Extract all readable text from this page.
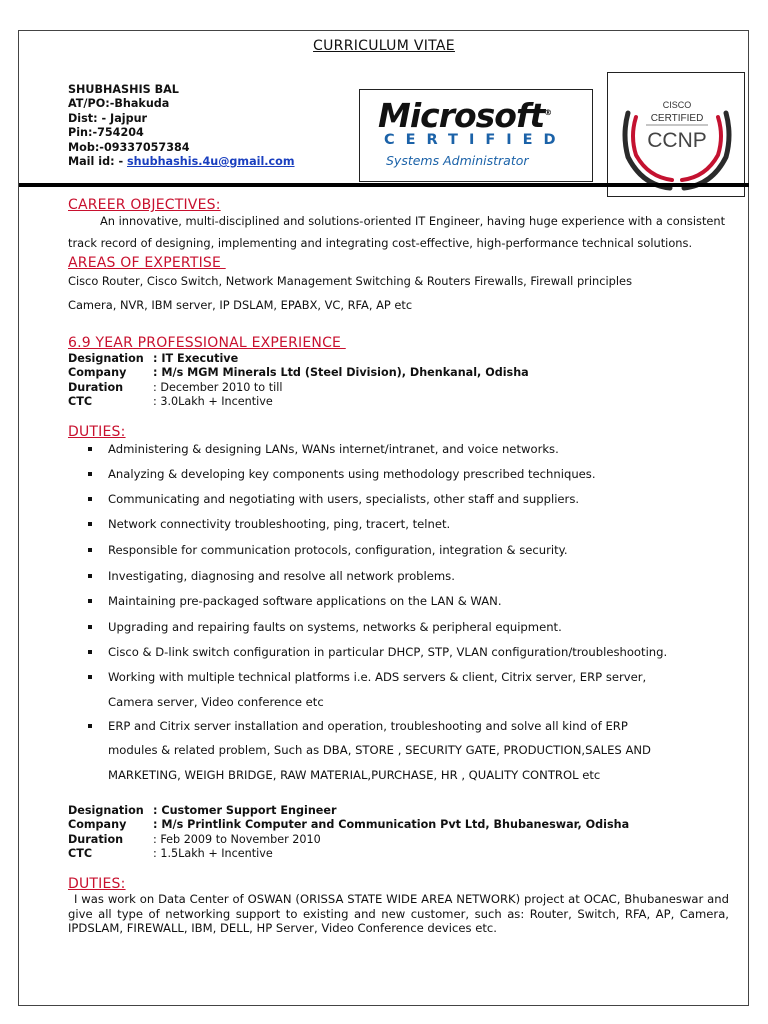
CURRICULUM VITAE
SHUBHASHIS BAL
AT/PO:-Bhakuda
Dist: - Jajpur
Pin:-754204
Mob:-09337057384
Mail id: - shubhashis.4u@gmail.com
Microsoft®
CERTIFIED
Systems Administrator
CISCO
CERTIFIED
CCNP
CAREER OBJECTIVES:
An innovative, multi-disciplined and solutions-oriented IT Engineer, having huge experience with a consistent
track record of designing, implementing and integrating cost-effective, high-performance technical solutions.
AREAS OF EXPERTISE
Cisco Router, Cisco Switch, Network Management Switching & Routers Firewalls, Firewall principles
Camera, NVR, IBM server, IP DSLAM, EPABX, VC, RFA, AP etc
6.9 YEAR PROFESSIONAL EXPERIENCE
Designation : IT Executive
Company	: M/s MGM Minerals Ltd (Steel Division), Dhenkanal, Odisha
Duration	: December 2010 to till
CTC	: 3.0Lakh + Incentive
DUTIES:
Administering & designing LANs, WANs internet/intranet, and voice networks.
Analyzing & developing key components using methodology prescribed techniques.
Communicating and negotiating with users, specialists, other staff and suppliers.
Network connectivity troubleshooting, ping, tracert, telnet.
Responsible for communication protocols, configuration, integration & security.
Investigating, diagnosing and resolve all network problems.
Maintaining pre-packaged software applications on the LAN & WAN.
Upgrading and repairing faults on systems, networks & peripheral equipment.
Cisco & D-link switch configuration in particular DHCP, STP, VLAN configuration/troubleshooting.
Working with multiple technical platforms i.e. ADS servers & client, Citrix server, ERP server,
Camera server, Video conference etc
ERP and Citrix server installation and operation, troubleshooting and solve all kind of ERP
modules & related problem, Such as DBA, STORE , SECURITY GATE, PRODUCTION,SALES AND
MARKETING, WEIGH BRIDGE, RAW MATERIAL,PURCHASE, HR , QUALITY CONTROL etc
Designation : Customer Support Engineer
Company	: M/s Printlink Computer and Communication Pvt Ltd, Bhubaneswar, Odisha
Duration	: Feb 2009 to November 2010
CTC	: 1.5Lakh + Incentive
DUTIES:
I was work on Data Center of OSWAN (ORISSA STATE WIDE AREA NETWORK) project at OCAC, Bhubaneswar and give all type of networking support to existing and new customer, such as: Router, Switch, RFA, AP, Camera, IPDSLAM, FIREWALL, IBM, DELL, HP Server, Video Conference devices etc.
